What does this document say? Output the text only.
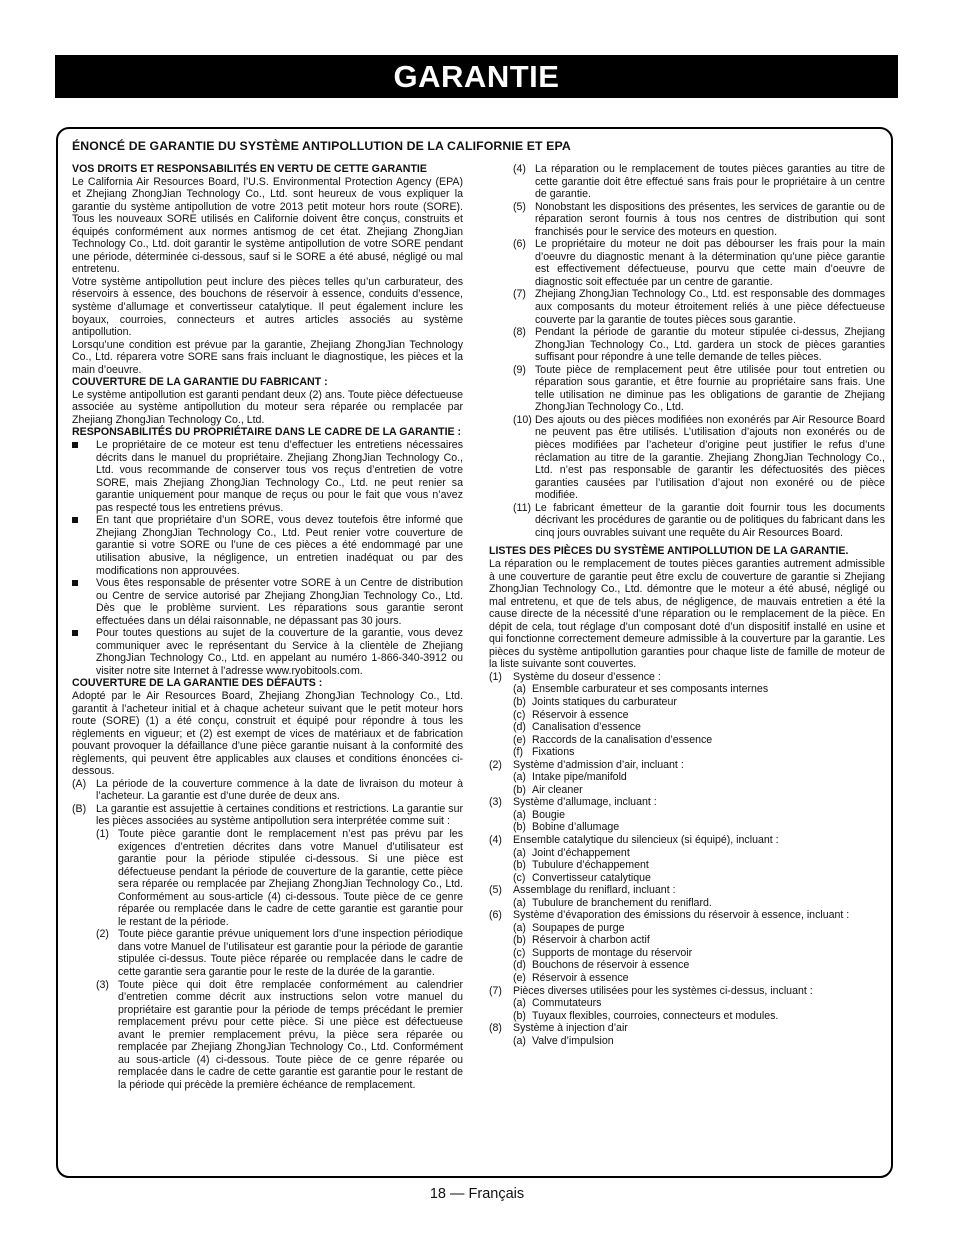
GARANTIE
ÉNONCÉ DE GARANTIE DU SYSTÈME ANTIPOLLUTION DE LA CALIFORNIE ET EPA

VOS DROITS ET RESPONSABILITÉS EN VERTU DE CETTE GARANTIE

Le California Air Resources Board, l’U.S. Environmental Protection Agency (EPA) et Zhejiang ZhongJian Technology Co., Ltd. sont heureux de vous expliquer la garantie du système antipollution de votre 2013 petit moteur hors route (SORE). Tous les nouveaux SORE utilisés en Californie doivent être conçus, construits et équipés conformément aux normes antismog de cet état. Zhejiang ZhongJian Technology Co., Ltd. doit garantir le système antipollution de votre SORE pendant une période, déterminée ci-dessous, sauf si le SORE a été abusé, négligé ou mal entretenu.

Votre système antipollution peut inclure des pièces telles qu’un carburateur, des réservoirs à essence, des bouchons de réservoir à essence, conduits d’essence, système d’allumage et convertisseur catalytique. Il peut également inclure les boyaux, courroies, connecteurs et autres articles associés au système antipollution.

Lorsqu’une condition est prévue par la garantie, Zhejiang ZhongJian Technology Co., Ltd. réparera votre SORE sans frais incluant le diagnostique, les pièces et la main d’oeuvre.

COUVERTURE DE LA GARANTIE DU FABRICANT :

Le système antipollution est garanti pendant deux (2) ans. Toute pièce défectueuse associée au système antipollution du moteur sera réparée ou remplacée par Zhejiang ZhongJian Technology Co., Ltd.

RESPONSABILITÉS DU PROPRIÉTAIRE DANS LE CADRE DE LA GARANTIE :

Le propriétaire de ce moteur est tenu d’effectuer les entretiens nécessaires décrits dans le manuel du propriétaire. Zhejiang ZhongJian Technology Co., Ltd. vous recommande de conserver tous vos reçus d’entretien de votre SORE, mais Zhejiang ZhongJian Technology Co., Ltd. ne peut renier sa garantie uniquement pour manque de reçus ou pour le fait que vous n’avez pas respecté tous les entretiens prévus.
En tant que propriétaire d’un SORE, vous devez toutefois être informé que Zhejiang ZhongJian Technology Co., Ltd. Peut renier votre couverture de garantie si votre SORE ou l’une de ces pièces a été endommagé par une utilisation abusive, la négligence, un entretien inadéquat ou par des modifications non approuvées.
Vous êtes responsable de présenter votre SORE à un Centre de distribution ou Centre de service autorisé par Zhejiang ZhongJian Technology Co., Ltd. Dès que le problème survient. Les réparations sous garantie seront effectuées dans un délai raisonnable, ne dépassant pas 30 jours.
Pour toutes questions au sujet de la couverture de la garantie, vous devez communiquer avec le représentant du Service à la clientèle de Zhejiang ZhongJian Technology Co., Ltd. en appelant au numéro 1-866-340-3912 ou visiter notre site Internet à l’adresse www.ryobitools.com.

COUVERTURE DE LA GARANTIE DES DÉFAUTS :

Adopté par le Air Resources Board, Zhejiang ZhongJian Technology Co., Ltd. garantit à l’acheteur initial et à chaque acheteur suivant que le petit moteur hors route (SORE) (1) a été conçu, construit et équipé pour répondre à tous les règlements en vigueur; et (2) est exempt de vices de matériaux et de fabrication pouvant provoquer la défaillance d’une pièce garantie nuisant à la conformité des règlements, qui peuvent être applicables aux clauses et conditions énoncées ci-dessous.

(A) La période de la couverture commence à la date de livraison du moteur à l’acheteur. La garantie est d’une durée de deux ans.
(B) La garantie est assujettie à certaines conditions et restrictions. La garantie sur les pièces associées au système antipollution sera interprétée comme suit :
(1) Toute pièce garantie dont le remplacement n’est pas prévu par les exigences d’entretien décrites dans votre Manuel d’utilisateur est garantie pour la période stipulée ci-dessous. Si une pièce est défectueuse pendant la période de couverture de la garantie, cette pièce sera réparée ou remplacée par Zhejiang ZhongJian Technology Co., Ltd. Conformément au sous-article (4) ci-dessous. Toute pièce de ce genre réparée ou remplacée dans le cadre de cette garantie est garantie pour le restant de la période.
(2) Toute pièce garantie prévue uniquement lors d’une inspection périodique dans votre Manuel de l’utilisateur est garantie pour la période de garantie stipulée ci-dessus. Toute pièce réparée ou remplacée dans le cadre de cette garantie sera garantie pour le reste de la durée de la garantie.
(3) Toute pièce qui doit être remplacée conformément au calendrier d’entretien comme décrit aux instructions selon votre manuel du propriétaire est garantie pour la période de temps précédant le premier remplacement prévu pour cette pièce. Si une pièce est défectueuse avant le premier remplacement prévu, la pièce sera réparée ou remplacée par Zhejiang ZhongJian Technology Co., Ltd. Conformément au sous-article (4) ci-dessous. Toute pièce de ce genre réparée ou remplacée dans le cadre de cette garantie est garantie pour le restant de la période qui précède la première échéance de remplacement.
(4) La réparation ou le remplacement de toutes pièces garanties au titre de cette garantie doit être effectué sans frais pour le propriétaire à un centre de garantie.
(5) Nonobstant les dispositions des présentes, les services de garantie ou de réparation seront fournis à tous nos centres de distribution qui sont franchisés pour le service des moteurs en question.
(6) Le propriétaire du moteur ne doit pas débourser les frais pour la main d’oeuvre du diagnostic menant à la détermination qu’une pièce garantie est effectivement défectueuse, pourvu que cette main d’oeuvre de diagnostic soit effectuée par un centre de garantie.
(7) Zhejiang ZhongJian Technology Co., Ltd. est responsable des dommages aux composants du moteur étroitement reliés à une pièce défectueuse couverte par la garantie de toutes pièces sous garantie.
(8) Pendant la période de garantie du moteur stipulée ci-dessus, Zhejiang ZhongJian Technology Co., Ltd. gardera un stock de pièces garanties suffisant pour répondre à une telle demande de telles pièces.
(9) Toute pièce de remplacement peut être utilisée pour tout entretien ou réparation sous garantie, et être fournie au propriétaire sans frais. Une telle utilisation ne diminue pas les obligations de garantie de Zhejiang ZhongJian Technology Co., Ltd.
(10) Des ajouts ou des pièces modifiées non exonérés par Air Resource Board ne peuvent pas être utilisés. L’utilisation d’ajouts non exonérés ou de pièces modifiées par l’acheteur d’origine peut justifier le refus d’une réclamation au titre de la garantie. Zhejiang ZhongJian Technology Co., Ltd. n’est pas responsable de garantir les défectuosités des pièces garanties causées par l’utilisation d’ajout non exonéré ou de pièce modifiée.
(11) Le fabricant émetteur de la garantie doit fournir tous les documents décrivant les procédures de garantie ou de politiques du fabricant dans les cinq jours ouvrables suivant une requête du Air Resources Board.

LISTES DES PIÈCES DU SYSTÈME ANTIPOLLUTION DE LA GARANTIE.

La réparation ou le remplacement de toutes pièces garanties autrement admissible à une couverture de garantie peut être exclu de couverture de garantie si Zhejiang ZhongJian Technology Co., Ltd. démontre que le moteur a été abusé, négligé ou mal entretenu, et que de tels abus, de négligence, de mauvais entretien a été la cause directe de la nécessité d’une réparation ou le remplacement de la pièce. En dépit de cela, tout réglage d’un composant doté d’un dispositif installé en usine et qui fonctionne correctement demeure admissible à la couverture par la garantie. Les pièces du système antipollution garanties pour chaque liste de famille de moteur de la liste suivante sont couvertes.

(1) Système du doseur d’essence :
(a) Ensemble carburateur et ses composants internes
(b) Joints statiques du carburateur
(c) Réservoir à essence
(d) Canalisation d’essence
(e) Raccords de la canalisation d’essence
(f) Fixations
(2) Système d’admission d’air, incluant :
(a) Intake pipe/manifold
(b) Air cleaner
(3) Système d’allumage, incluant :
(a) Bougie
(b) Bobine d’allumage
(4) Ensemble catalytique du silencieux (si équipé), incluant :
(a) Joint d’échappement
(b) Tubulure d’échappement
(c) Convertisseur catalytique
(5) Assemblage du reniflard, incluant :
(a) Tubulure de branchement du reniflard.
(6) Système d’évaporation des émissions du réservoir à essence, incluant :
(a) Soupapes de purge
(b) Réservoir à charbon actif
(c) Supports de montage du réservoir
(d) Bouchons de réservoir à essence
(e) Réservoir à essence
(7) Pièces diverses utilisées pour les systèmes ci-dessus, incluant :
(a) Commutateurs
(b) Tuyaux flexibles, courroies, connecteurs et modules.
(8) Système à injection d’air
(a) Valve d’impulsion
18 — Français
